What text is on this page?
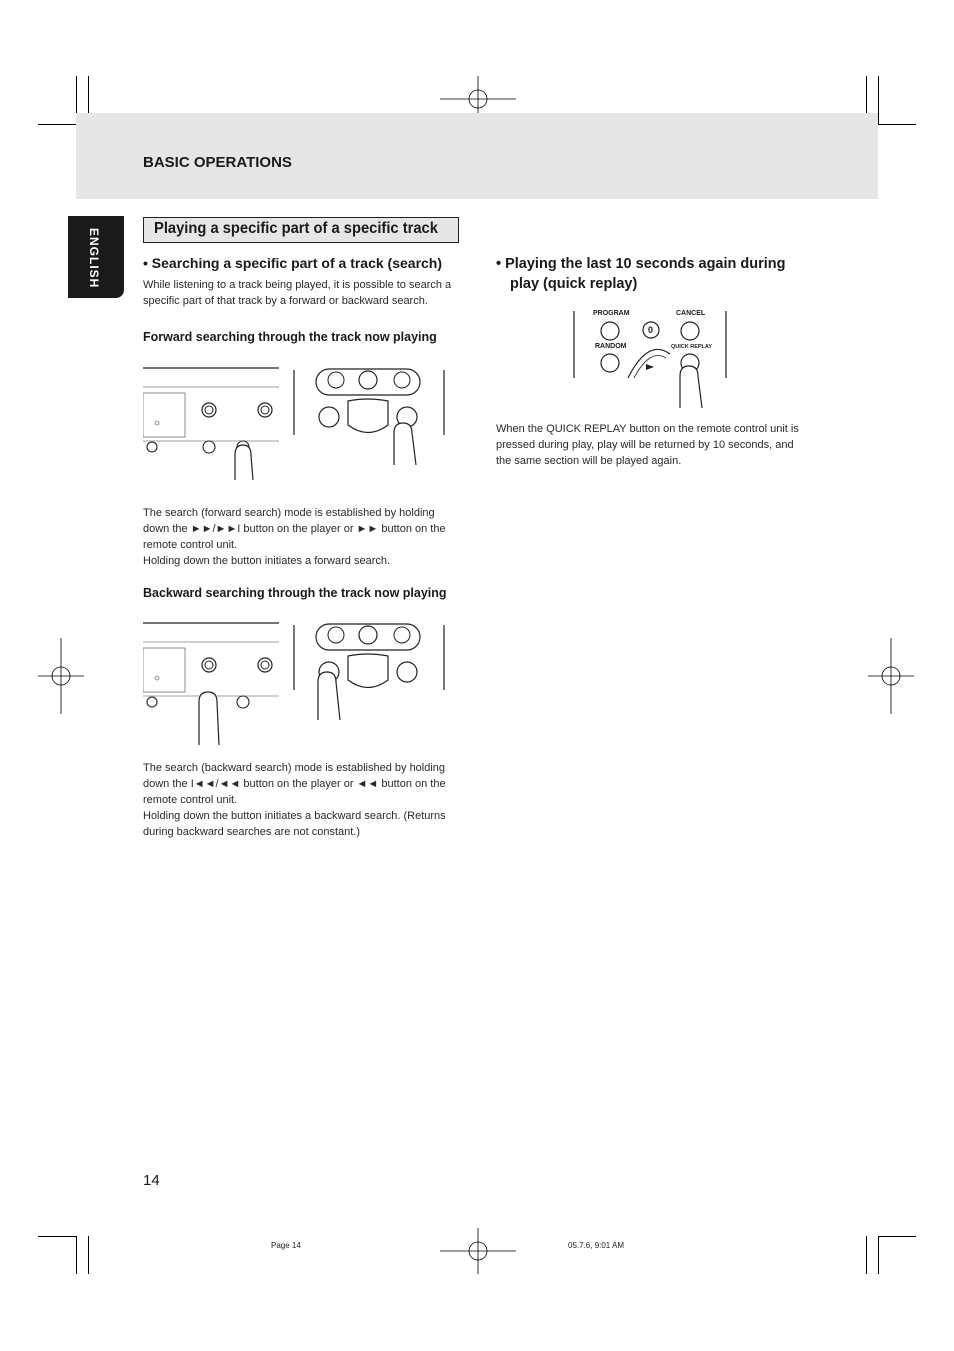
BASIC OPERATIONS
ENGLISH	Playing a specific part of a specific track
• Searching a specific part of a track (search)

While listening to a track being played, it is possible to search a specific part of that track by a forward or backward search.

Forward searching through the track now playing

The search (forward search) mode is established by holding down the ►►/►►I button on the player or ►► button on the remote control unit.

Holding down the button initiates a forward search.

Backward searching through the track now playing

The search (backward search) mode is established by holding down the I◄◄/◄◄ button on the player or ◄◄ button on the remote control unit.

Holding down the button initiates a backward search. (Returns during backward searches are not constant.)

• Playing the last 10 seconds again during
play (quick replay)
PROGRAM	CANCEL
0
RANDOM	QUICK REPLAY

When the QUICK REPLAY button on the remote control unit is pressed during play, play will be returned by 10 seconds, and the same section will be played again.

14
Page 14	05.7.6, 9:01 AM
